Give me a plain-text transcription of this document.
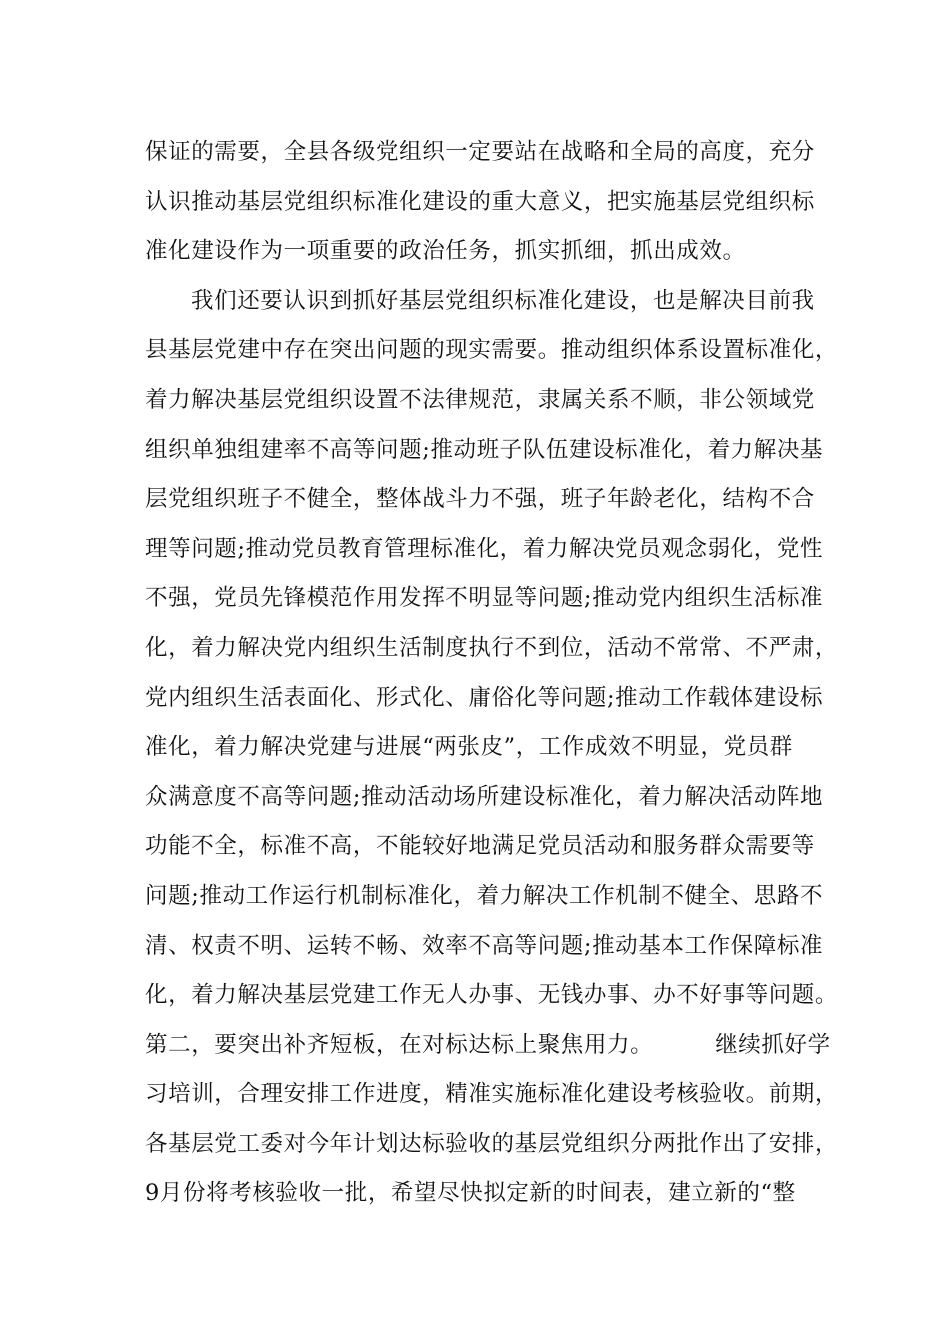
保证的需要，全县各级党组织一定要站在战略和全局的高度，充分
认识推动基层党组织标准化建设的重大意义，把实施基层党组织标
准化建设作为一项重要的政治任务，抓实抓细，抓出成效。
我们还要认识到抓好基层党组织标准化建设，也是解决目前我
县基层党建中存在突出问题的现实需要。推动组织体系设置标准化，
着力解决基层党组织设置不法律规范，隶属关系不顺，非公领域党
组织单独组建率不高等问题;推动班子队伍建设标准化，着力解决基
层党组织班子不健全，整体战斗力不强，班子年龄老化，结构不合
理等问题;推动党员教育管理标准化，着力解决党员观念弱化，党性
不强，党员先锋模范作用发挥不明显等问题;推动党内组织生活标准
化，着力解决党内组织生活制度执行不到位，活动不常常、不严肃，
党内组织生活表面化、形式化、庸俗化等问题;推动工作载体建设标
准化，着力解决党建与进展“两张皮”，工作成效不明显，党员群
众满意度不高等问题;推动活动场所建设标准化，着力解决活动阵地
功能不全，标准不高，不能较好地满足党员活动和服务群众需要等
问题;推动工作运行机制标准化，着力解决工作机制不健全、思路不
清、权责不明、运转不畅、效率不高等问题;推动基本工作保障标准
化，着力解决基层党建工作无人办事、无钱办事、办不好事等问题。
第二，要突出补齐短板，在对标达标上聚焦用力。	继续抓好学
习培训，合理安排工作进度，精准实施标准化建设考核验收。前期，
各基层党工委对今年计划达标验收的基层党组织分两批作出了安排，
9月份将考核验收一批，希望尽快拟定新的时间表，建立新的“整
